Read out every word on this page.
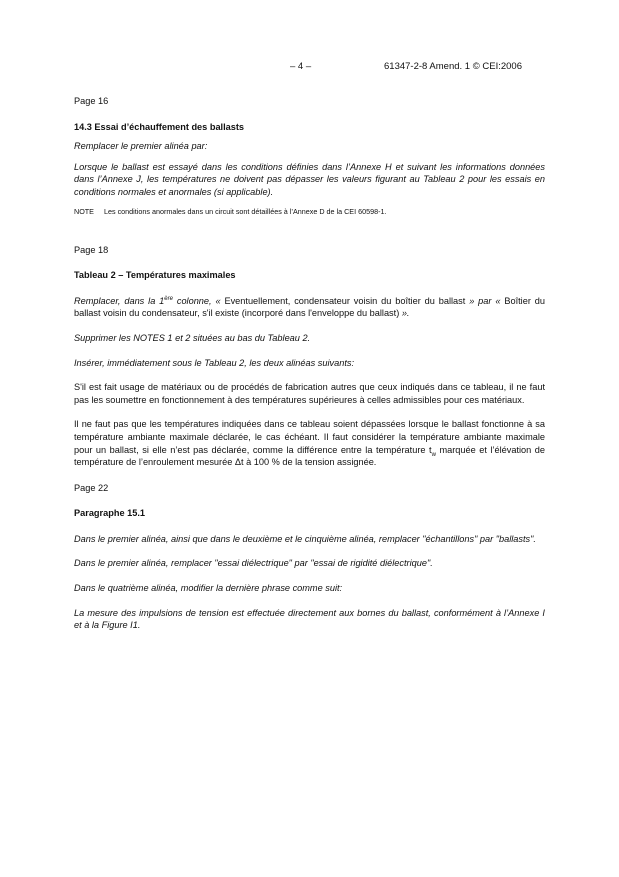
– 4 –	61347-2-8 Amend. 1 © CEI:2006

Page 16

14.3 Essai d’échauffement des ballasts

Remplacer le premier alinéa par:

Lorsque le ballast est essayé dans les conditions définies dans l’Annexe H et suivant les informations données dans l’Annexe J, les températures ne doivent pas dépasser les valeurs figurant au Tableau 2 pour les essais en conditions normales et anormales (si applicable).

NOTE Les conditions anormales dans un circuit sont détaillées à l’Annexe D de la CEI 60598-1.

Page 18

Tableau 2 – Températures maximales

Remplacer, dans la 1ère colonne, « Eventuellement, condensateur voisin du boîtier du ballast » par « Boîtier du ballast voisin du condensateur, s'il existe (incorporé dans l'enveloppe du ballast) ».

Supprimer les NOTES 1 et 2 situées au bas du Tableau 2.

Insérer, immédiatement sous le Tableau 2, les deux alinéas suivants:

S'il est fait usage de matériaux ou de procédés de fabrication autres que ceux indiqués dans ce tableau, il ne faut pas les soumettre en fonctionnement à des températures supérieures à celles admissibles pour ces matériaux.

Il ne faut pas que les températures indiquées dans ce tableau soient dépassées lorsque le ballast fonctionne à sa température ambiante maximale déclarée, le cas échéant. Il faut considérer la température ambiante maximale pour un ballast, si elle n’est pas déclarée, comme la différence entre la température $t_w$ marquée et l’élévation de température de l’enroulement mesurée Δt à 100 % de la tension assignée.

Page 22

Paragraphe 15.1

Dans le premier alinéa, ainsi que dans le deuxième et le cinquième alinéa, remplacer "échantillons" par "ballasts".

Dans le premier alinéa, remplacer "essai diélectrique" par "essai de rigidité diélectrique".

Dans le quatrième alinéa, modifier la dernière phrase comme suit:

La mesure des impulsions de tension est effectuée directement aux bornes du ballast, conformément à l’Annexe I et à la Figure I1.
